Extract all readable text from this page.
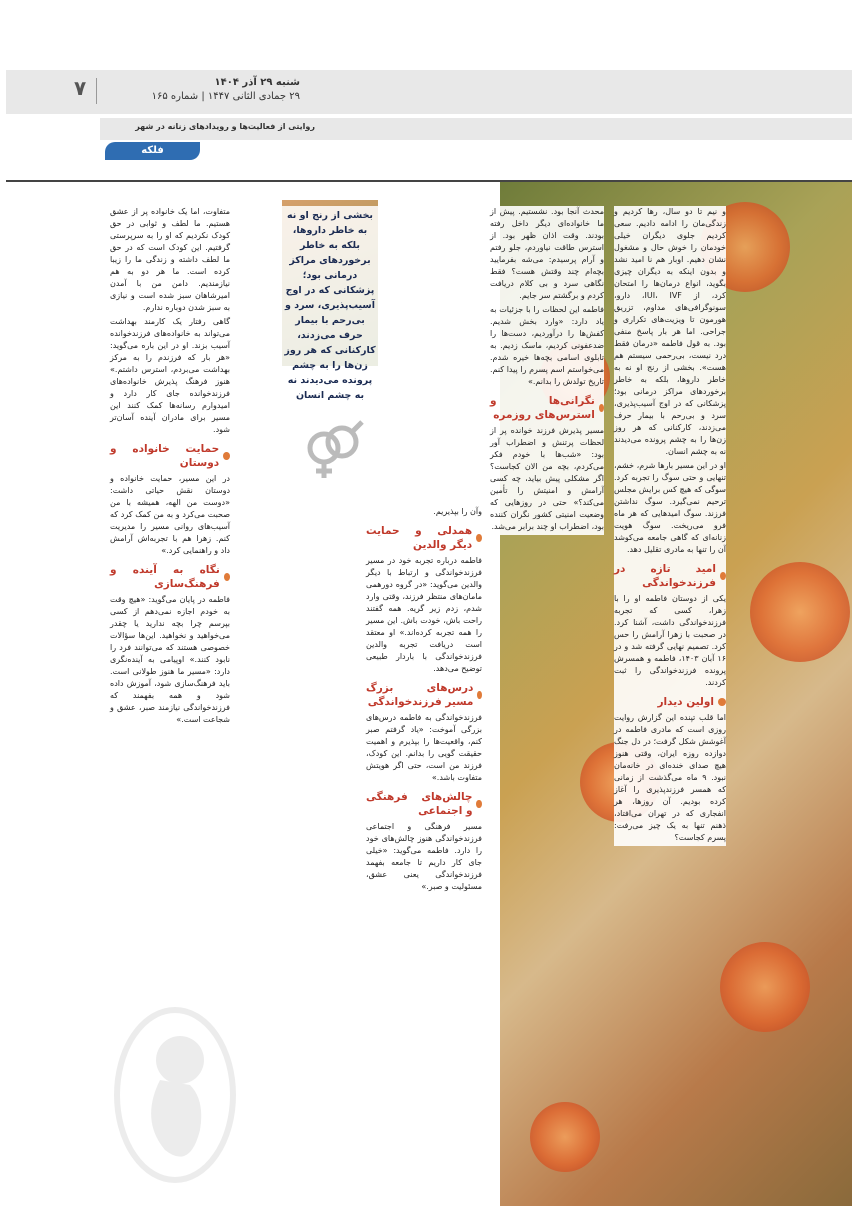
شنبه ۲۹ آذر ۱۴۰۴
۲۹ جمادی الثانی ۱۴۴۷ | شماره ۱۶۵
۷
روایتی از فعالیت‌ها و رویدادهای زنانه در شهر
فلکه
بخشی از رنج او نه به خاطر داروها، بلکه به خاطر برخوردهای مراکز درمانی بود؛ پزشکانی که در اوج آسیب‌پذیری، سرد و بی‌رحم با بیمار حرف می‌زدند، کارکنانی که هر روز زن‌ها را به چشم پرونده می‌دیدند نه به چشم انسان

و نیم تا دو سال، رها کردیم و زندگی‌مان را ادامه دادیم. سعی کردیم جلوی دیگران خیلی خودمان را خوش حال و مشغول نشان دهیم. اوبار هم نا امید نشد و بدون اینکه به دیگران چیزی بگوید، انواع درمان‌ها را امتحان کرد، از IUI، IVF، دارو، سونوگرافی‌های مداوم، تزریق هورمون تا ویزیت‌های تکراری و جراحی. اما هر بار پاسخ منفی بود. به قول فاطمه «درمان فقط درد نیست، بی‌رحمی سیستم هم هست». بخشی از رنج او نه به خاطر داروها، بلکه به خاطر برخوردهای مراکز درمانی بود؛ پزشکانی که در اوج آسیب‌پذیری، سرد و بی‌رحم با بیمار حرف می‌زدند، کارکنانی که هر روز زن‌ها را به چشم پرونده می‌دیدند نه به چشم انسان.

او در این مسیر بارها شرم، خشم، تنهایی و حتی سوگ را تجربه کرد. سوگی که هیچ کس برایش مجلس ترحیم نمی‌گیرد. سوگ نداشتن فرزند. سوگ امیدهایی که هر ماه فرو می‌ریخت. سوگ هویت زنانه‌ای که گاهی جامعه می‌کوشد آن را تنها به مادری تقلیل دهد.

امید تازه در فرزندخواندگی

یکی از دوستان فاطمه او را با زهرا، کسی که تجربه فرزندخواندگی داشت، آشنا کرد. در صحبت با زهرا آرامش را حس کرد. تصمیم نهایی گرفته شد و در ۱۶ آبان ۱۴۰۳، فاطمه و همسرش پرونده فرزندخواندگی را ثبت کردند.

اولین دیدار

اما قلب تپنده این گزارش روایت روزی است که مادری فاطمه در آغوشش شکل گرفت؛ در دل جنگ دوازده روزه ایران، وقتی هنوز هیچ صدای خنده‌ای در خانه‌مان نبود. ۹ ماه می‌گذشت از زمانی که همسر فرزندپذیری را آغاز کرده بودیم. آن روزها، هر انفجاری که در تهران می‌افتاد، ذهنم تنها به یک چیز می‌رفت: پسرم کجاست؟

محدث آنجا بود. نشستیم. پیش از ما خانواده‌ای دیگر داخل رفته بودند. وقت اذان ظهر بود. از استرس طاقت نیاوردم، جلو رفتم و آرام پرسیدم: می‌شه بفرمایید بچه‌ام چند وقتش هست؟ فقط نگاهی سرد و بی کلام دریافت کردم و برگشتم سر جایم.

فاطمه این لحظات را با جزئیات به یاد دارد: «وارد بخش شدیم. کفش‌ها را درآوردیم، دست‌ها را ضدعفونی کردیم، ماسک زدیم. به تابلوی اسامی بچه‌ها خیره شدم. می‌خواستم اسم پسرم را پیدا کنم. تاریخ تولدش را بدانم.»

نگرانی‌ها و استرس‌های روزمره

مسیر پذیرش فرزند خوانده پر از لحظات پرتنش و اضطراب آور بود: «شب‌ها با خودم فکر می‌کردم، بچه من الان کجاست؟ اگر مشکلی پیش بیاید، چه کسی آرامش و امنیتش را تأمین می‌کند؟» حتی در روزهایی که وضعیت امنیتی کشور نگران کننده بود، اضطراب او چند برابر می‌شد.

وآن را بپذیریم.

همدلی و حمایت دیگر والدین

فاطمه درباره تجربه خود در مسیر فرزندخواندگی و ارتباط با دیگر والدین می‌گوید: «در گروه دورهمی مامان‌های منتظر فرزند، وقتی وارد شدم، زدم زیر گریه. همه گفتند راحت باش، خودت باش. این مسیر را همه تجربه کرده‌اند.» او معتقد است دریافت تجربه والدین فرزندخواندگی با باردار طبیعی توضیح می‌دهد.

درس‌های بزرگ مسیر فرزندخواندگی

فرزندخواندگی به فاطمه درس‌های بزرگی آموخت: «یاد گرفتم صبر کنم، واقعیت‌ها را بپذیرم و اهمیت حقیقت گویی را بدانم. این کودک، فرزند من است، حتی اگر هویتش متفاوت باشد.»

چالش‌های فرهنگی و اجتماعی

مسیر فرهنگی و اجتماعی فرزندخواندگی هنوز چالش‌های خود را دارد. فاطمه می‌گوید: «خیلی جای کار داریم تا جامعه بفهمد فرزندخواندگی یعنی عشق، مسئولیت و صبر.»

متفاوت، اما یک خانواده پر از عشق هستیم. ما لطف و ثوابی در حق کودک نکردیم که او را به سرپرستی گرفتیم. این کودک است که در حق ما لطف داشته و زندگی ما را زیبا کرده است. ما هر دو به هم نیازمندیم. دامن من با آمدن امیرشاهان سبز شده است و نیازی به سبز شدن دوباره ندارم.

گاهی رفتار یک کارمند بهداشت می‌تواند به خانواده‌های فرزندخوانده آسیب بزند. او در این باره می‌گوید: «هر بار که فرزندم را به مرکز بهداشت می‌بردم، استرس داشتم.» هنوز فرهنگ پذیرش خانواده‌های فرزندخوانده جای کار دارد و امیدوارم رسانه‌ها کمک کنند این مسیر برای مادران آینده آسان‌تر شود.

حمایت خانواده و دوستان

در این مسیر، حمایت خانواده و دوستان نقش حیاتی داشت: «دوست من الهه، همیشه با من صحبت می‌کرد و به من کمک کرد که آسیب‌های روانی مسیر را مدیریت کنم. زهرا هم با تجربه‌اش آرامش داد و راهنمایی کرد.»

نگاه به آینده و فرهنگ‌سازی

فاطمه در پایان می‌گوید: «هیچ وقت به خودم اجازه نمی‌دهم از کسی بپرسم چرا بچه ندارید یا چقدر می‌خواهید و نخواهید. این‌ها سؤالات خصوصی هستند که می‌توانند فرد را نابود کنند.» اوپیامی به آینده‌نگری دارد: «مسیر ما هنوز طولانی است. باید فرهنگ‌سازی شود، آموزش داده شود و همه بفهمند که فرزندخواندگی نیازمند صبر، عشق و شجاعت است.»
